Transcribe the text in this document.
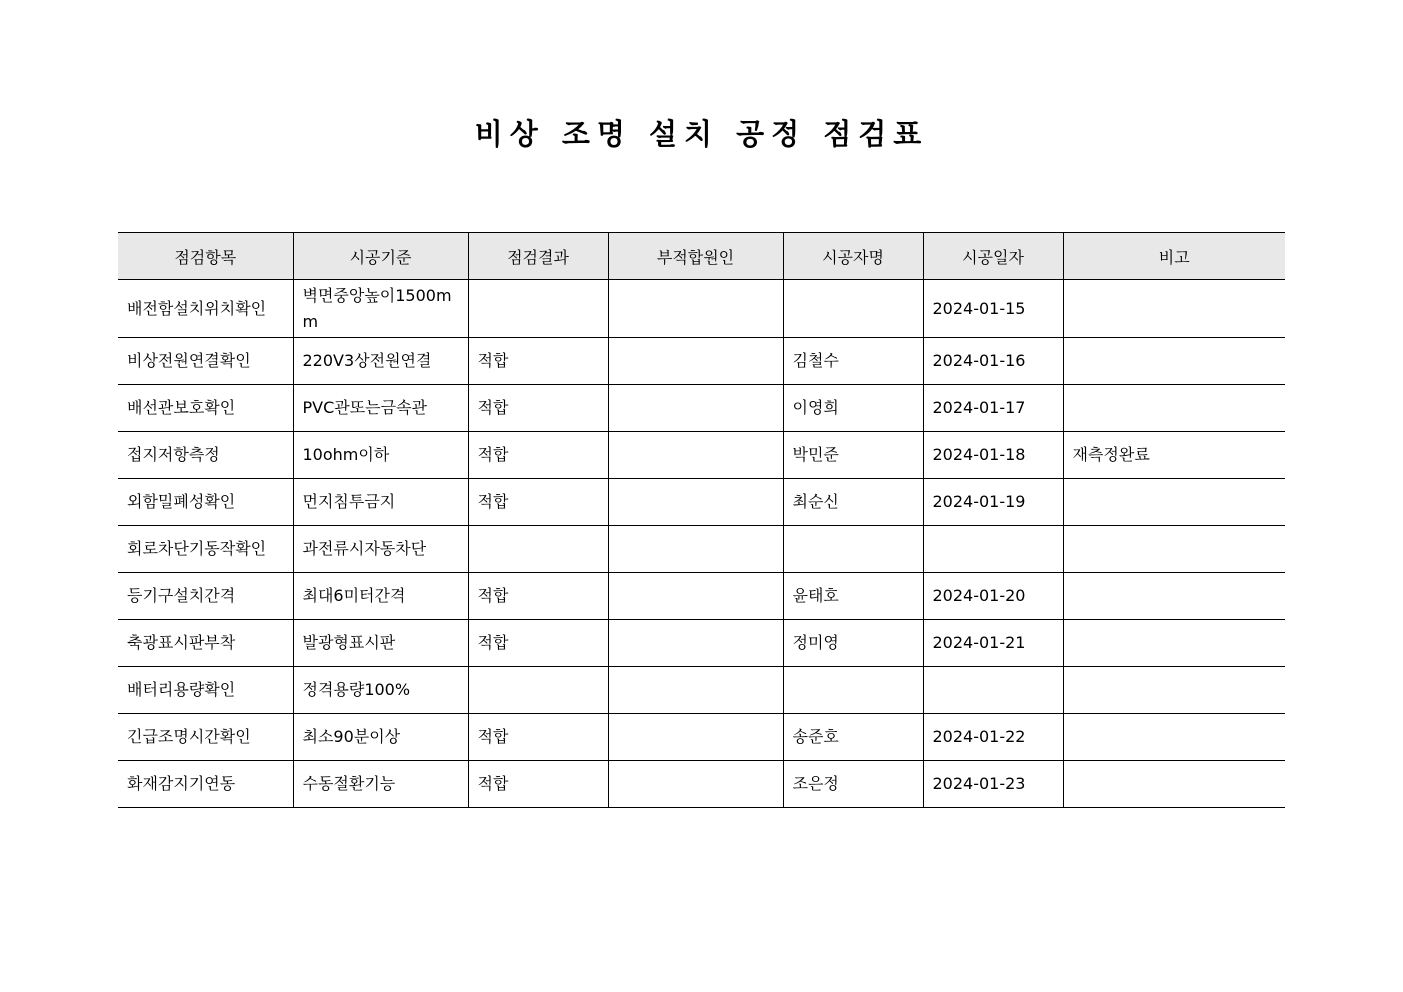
비상 조명 설치 공정 점검표
점검항목	시공기준	점검결과	부적합원인	시공자명	시공일자	비고
배전함설치위치확인	벽면중앙높이1500mm				2024-01-15	
비상전원연결확인	220V3상전원연결	적합		김철수	2024-01-16	
배선관보호확인	PVC관또는금속관	적합		이영희	2024-01-17	
접지저항측정	10ohm이하	적합		박민준	2024-01-18	재측정완료
외함밀폐성확인	먼지침투금지	적합		최순신	2024-01-19	
회로차단기동작확인	과전류시자동차단					
등기구설치간격	최대6미터간격	적합		윤태호	2024-01-20	
축광표시판부착	발광형표시판	적합		정미영	2024-01-21	
배터리용량확인	정격용량100%					
긴급조명시간확인	최소90분이상	적합		송준호	2024-01-22	
화재감지기연동	수동절환기능	적합		조은정	2024-01-23	
